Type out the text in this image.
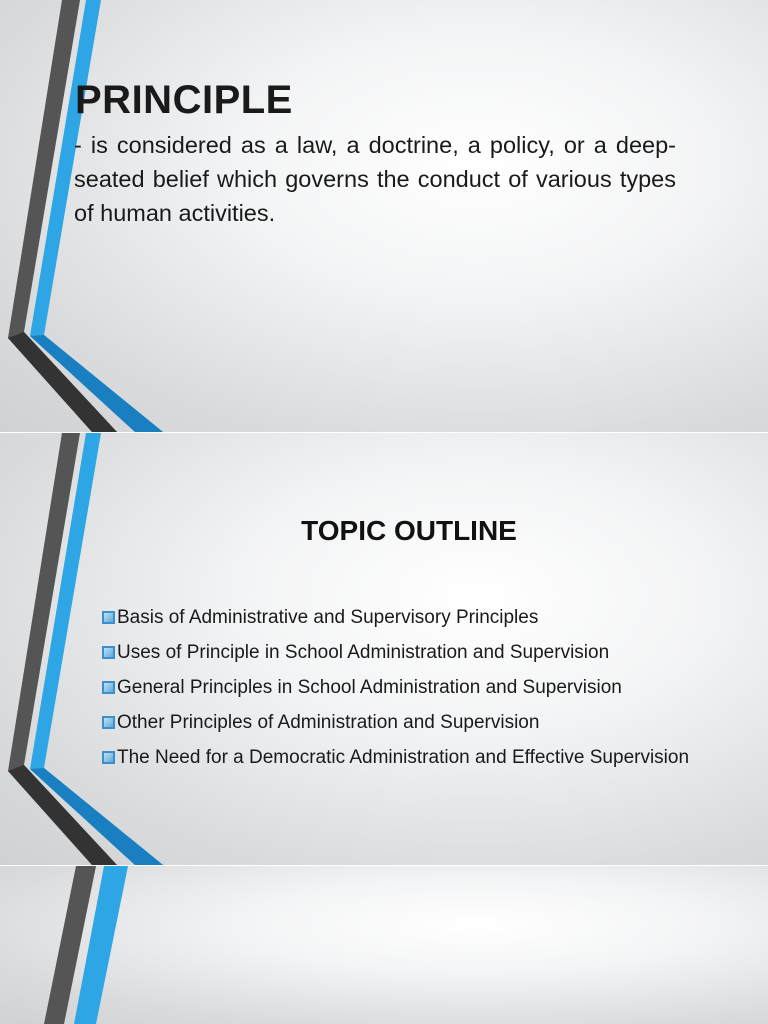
PRINCIPLE
- is considered as a law, a doctrine, a policy, or a deep-seated belief which governs the conduct of various types of human activities.
TOPIC OUTLINE
Basis of Administrative and Supervisory Principles
Uses of Principle in School Administration and Supervision
General Principles in School Administration and Supervision
Other Principles of Administration and Supervision
The Need for a Democratic Administration and Effective Supervision
